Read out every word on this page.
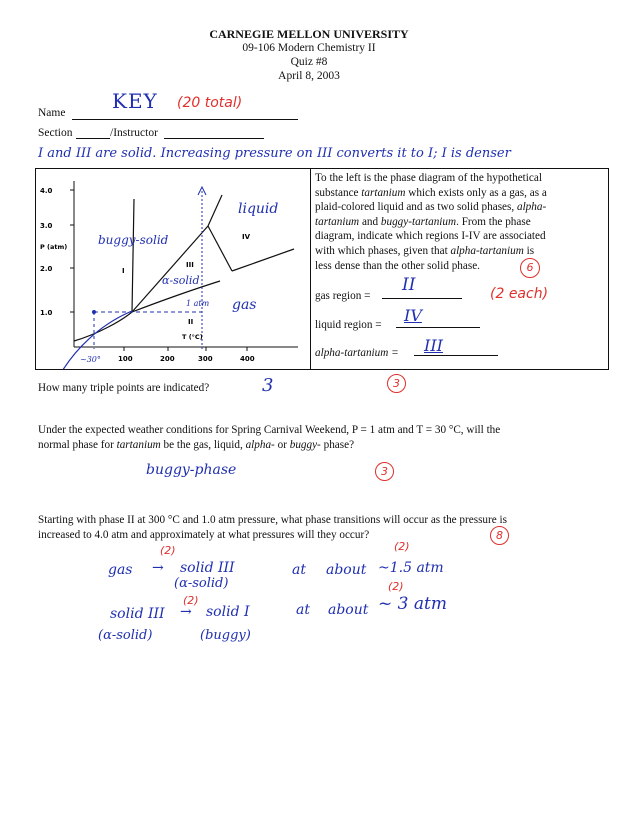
CARNEGIE MELLON UNIVERSITY
09-106 Modern Chemistry II
Quiz #8
April 8, 2003
Name KEY (20 total)
Section	/Instructor
I and III are solid. Increasing pressure on III converts it to I; I is denser
4.0
3.0
2.0
1.0
P (atm)
~30° 100	200	300	400
T (°C)
I
II
III
IV
buggy-solid
liquid
α-solid
gas
1 atm
To the left is the phase diagram of the hypothetical
substance tartanium which exists only as a gas, as a
plaid-colored liquid and as two solid phases, alpha-
tartanium and buggy-tartanium. From the phase
diagram, indicate which regions I-IV are associated
with which phases, given that alpha-tartanium is
less dense than the other solid phase.	6
(2 each)
gas region =
II
liquid region = IV
alpha-tartanium = III
How many triple points are indicated?	3	3
Under the expected weather conditions for Spring Carnival Weekend, P = 1 atm and T = 30 °C, will the
normal phase for tartanium be the gas, liquid, alpha- or buggy- phase?
buggy-phase	3
Starting with phase II at 300 °C and 1.0 atm pressure, what phase transitions will occur as the pressure is
increased to 4.0 atm and approximately at what pressures will they occur?	8
(2)
gas → solid III
(α-solid)
at about ~1.5 atm
(2)
(2)
solid III → solid I
(α-solid)	(buggy)
at about ~ 3 atm
(2)
